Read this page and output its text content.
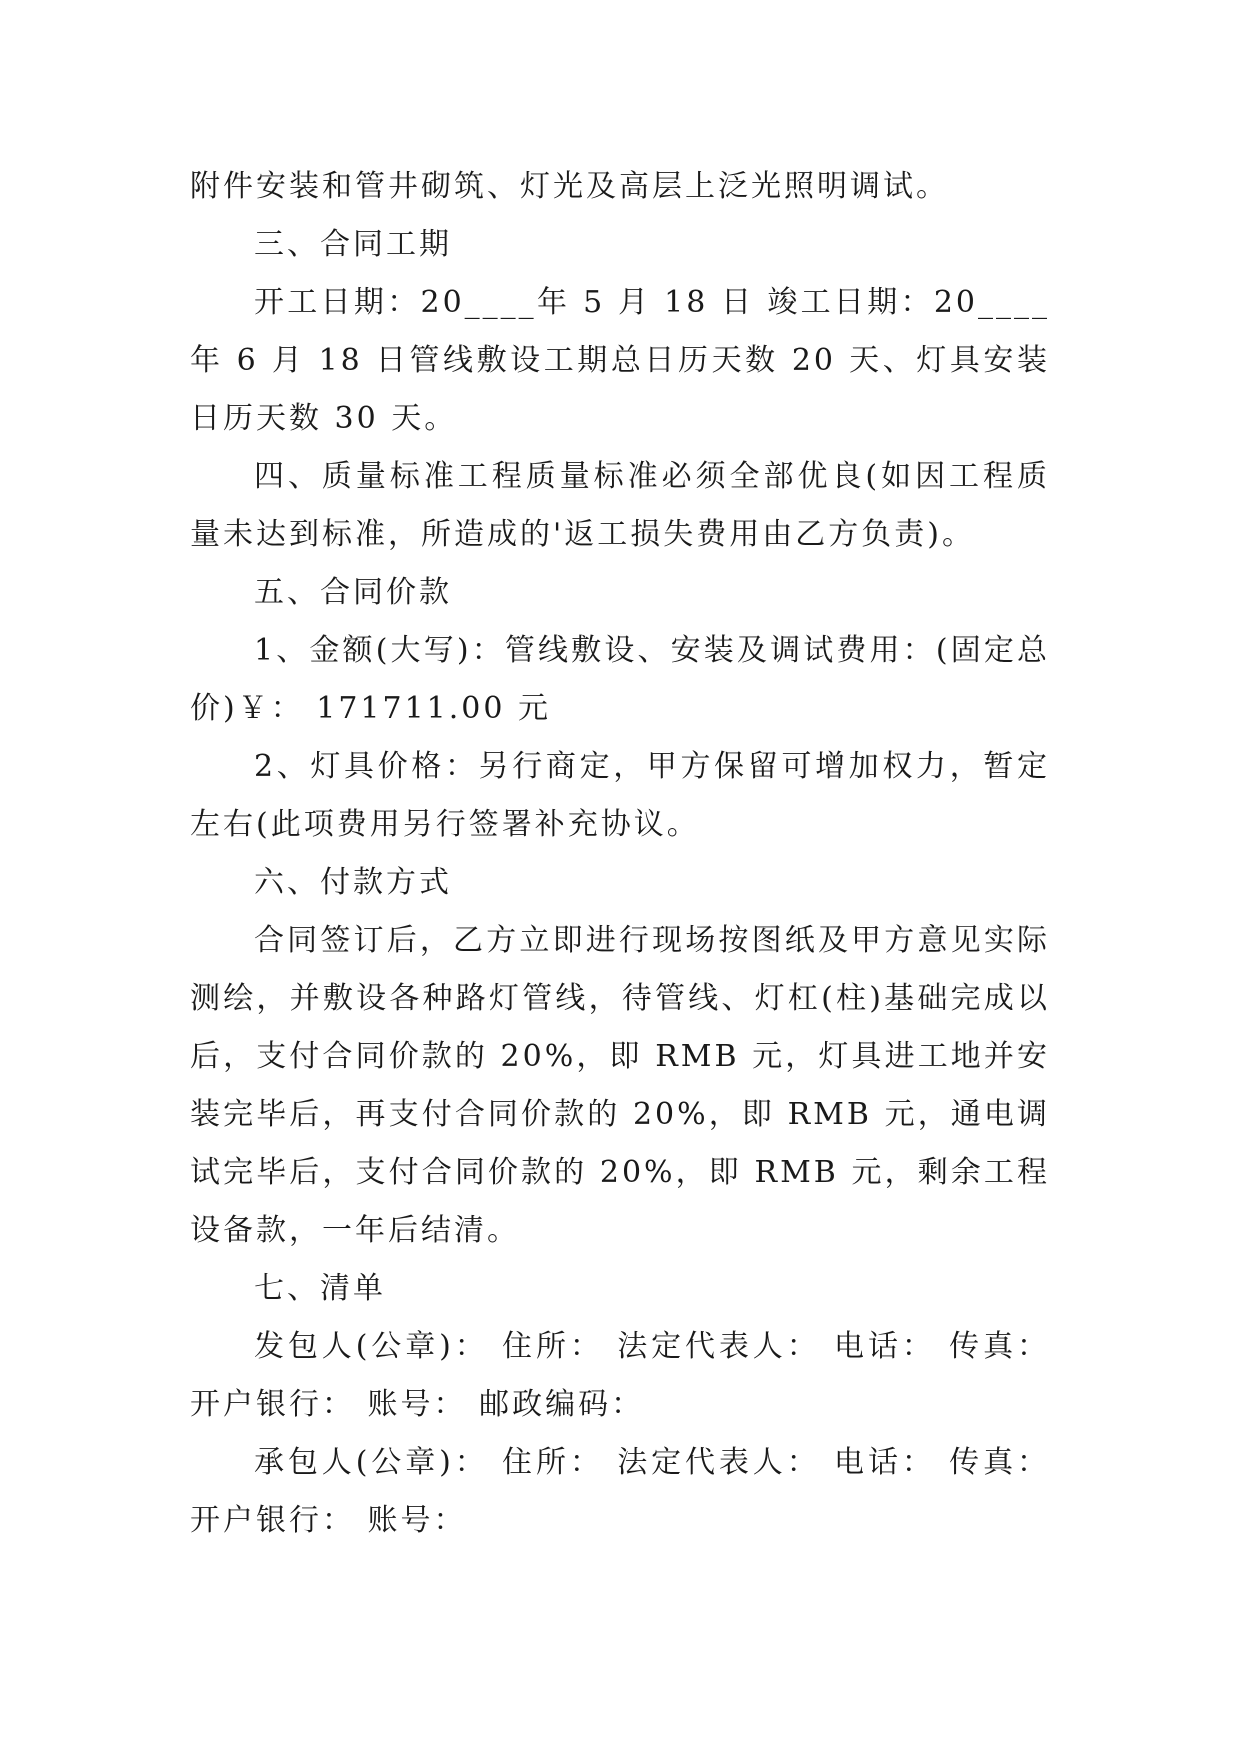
附件安装和管井砌筑、灯光及高层上泛光照明调试。

三、合同工期

开工日期：20____年 5 月 18 日 竣工日期：20____年 6 月 18 日管线敷设工期总日历天数 20 天、灯具安装日历天数 30 天。

四、质量标准工程质量标准必须全部优良(如因工程质量未达到标准，所造成的'返工损失费用由乙方负责)。

五、合同价款

1、金额(大写)：管线敷设、安装及调试费用：(固定总价)￥： 171711.00 元

2、灯具价格：另行商定，甲方保留可增加权力，暂定左右(此项费用另行签署补充协议。

六、付款方式

合同签订后，乙方立即进行现场按图纸及甲方意见实际测绘，并敷设各种路灯管线，待管线、灯杠(柱)基础完成以后，支付合同价款的 20%，即 RMB 元，灯具进工地并安装完毕后，再支付合同价款的 20%，即 RMB 元，通电调试完毕后，支付合同价款的 20%，即 RMB 元，剩余工程设备款，一年后结清。

七、清单

发包人(公章)： 住所： 法定代表人： 电话： 传真： 开户银行： 账号： 邮政编码：

承包人(公章)： 住所： 法定代表人： 电话： 传真： 开户银行： 账号：
